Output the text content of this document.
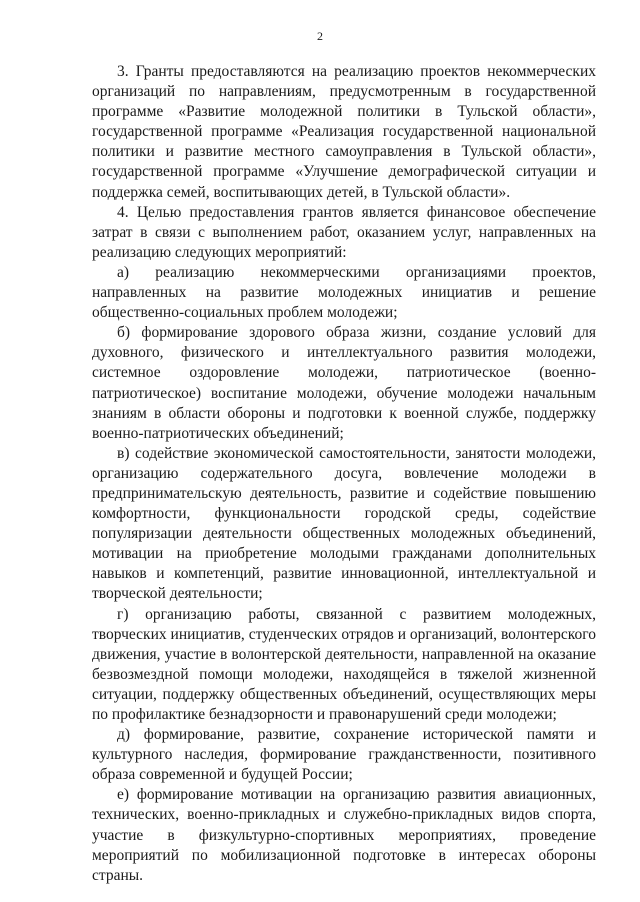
2

3. Гранты предоставляются на реализацию проектов некоммерческих организаций по направлениям, предусмотренным в государственной программе «Развитие молодежной политики в Тульской области», государственной программе «Реализация государственной национальной политики и развитие местного самоуправления в Тульской области», государственной программе «Улучшение демографической ситуации и поддержка семей, воспитывающих детей, в Тульской области».

4. Целью предоставления грантов является финансовое обеспечение затрат в связи с выполнением работ, оказанием услуг, направленных на реализацию следующих мероприятий:

а) реализацию некоммерческими организациями проектов, направленных на развитие молодежных инициатив и решение общественно-социальных проблем молодежи;

б) формирование здорового образа жизни, создание условий для духовного, физического и интеллектуального развития молодежи, системное оздоровление молодежи, патриотическое (военно-патриотическое) воспитание молодежи, обучение молодежи начальным знаниям в области обороны и подготовки к военной службе, поддержку военно-патриотических объединений;

в) содействие экономической самостоятельности, занятости молодежи, организацию содержательного досуга, вовлечение молодежи в предпринимательскую деятельность, развитие и содействие повышению комфортности, функциональности городской среды, содействие популяризации деятельности общественных молодежных объединений, мотивации на приобретение молодыми гражданами дополнительных навыков и компетенций, развитие инновационной, интеллектуальной и творческой деятельности;

г) организацию работы, связанной с развитием молодежных, творческих инициатив, студенческих отрядов и организаций, волонтерского движения, участие в волонтерской деятельности, направленной на оказание безвозмездной помощи молодежи, находящейся в тяжелой жизненной ситуации, поддержку общественных объединений, осуществляющих меры по профилактике безнадзорности и правонарушений среди молодежи;

д) формирование, развитие, сохранение исторической памяти и культурного наследия, формирование гражданственности, позитивного образа современной и будущей России;

е) формирование мотивации на организацию развития авиационных, технических, военно-прикладных и служебно-прикладных видов спорта, участие в физкультурно-спортивных мероприятиях, проведение мероприятий по мобилизационной подготовке в интересах обороны страны.
